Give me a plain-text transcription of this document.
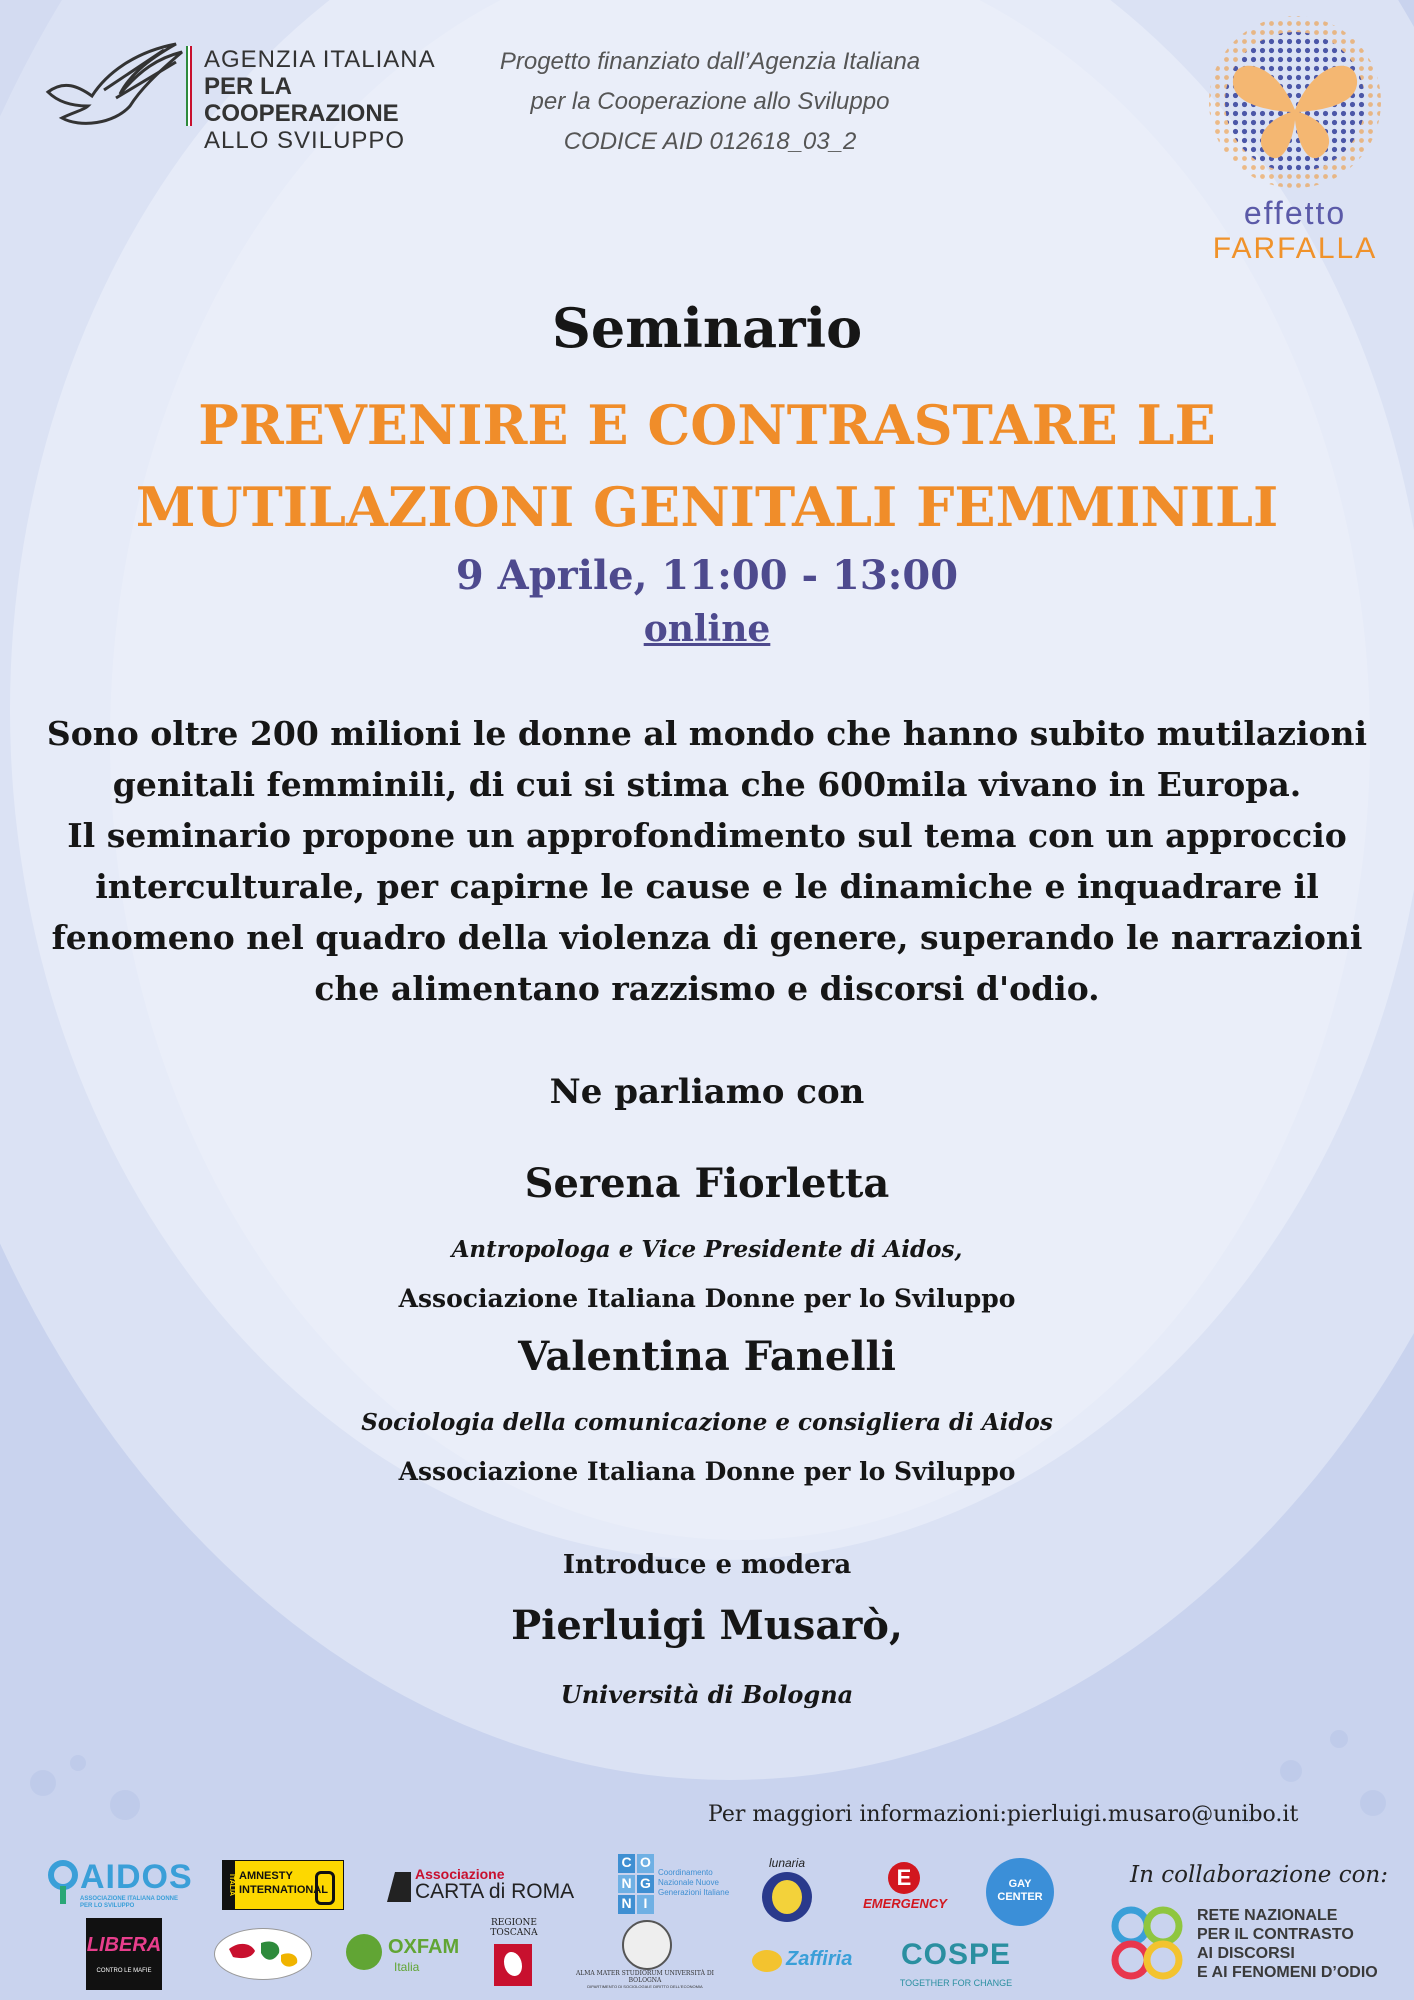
AGENZIA ITALIANA
PER LA COOPERAZIONE
ALLO SVILUPPO
Progetto finanziato dall’Agenzia Italiana
per la Cooperazione allo Sviluppo
CODICE AID 012618_03_2
effetto
FARFALLA
Seminario
PREVENIRE E CONTRASTARE LE
MUTILAZIONI GENITALI FEMMINILI
9 Aprile, 11:00 - 13:00
online
Sono oltre 200 milioni le donne al mondo che hanno subito mutilazioni
genitali femminili, di cui si stima che 600mila vivano in Europa.
Il seminario propone un approfondimento sul tema con un approccio
interculturale, per capirne le cause e le dinamiche e inquadrare il
fenomeno nel quadro della violenza di genere, superando le narrazioni
che alimentano razzismo e discorsi d'odio.
Ne parliamo con
Serena Fiorletta
Antropologa e Vice Presidente di Aidos,
Associazione Italiana Donne per lo Sviluppo
Valentina Fanelli
Sociologia della comunicazione e consigliera di Aidos
Associazione Italiana Donne per lo Sviluppo
Introduce e modera
Pierluigi Musarò,
Università di Bologna
Per maggiori informazioni:pierluigi.musaro@unibo.it
AIDOS
ASSOCIAZIONE ITALIANA DONNE PER LO SVILUPPO
ITALIA AMNESTY INTERNATIONAL
Associazione
CARTA di ROMA
C O
N G
N I
Coordinamento Nazionale Nuove Generazioni Italiane
lunaria
E
EMERGENCY
GAY CENTER
In collaborazione con:
LIBERA
CONTRO LE MAFIE
OXFAM
Italia
REGIONE TOSCANA
ALMA MATER STUDIORUM UNIVERSITÀ DI BOLOGNA
DIPARTIMENTO DI SOCIOLOGIA E DIRITTO DELL'ECONOMIA
Zaffiria COSPE
TOGETHER FOR CHANGE
RETE NAZIONALE
PER IL CONTRASTO
AI DISCORSI
E AI FENOMENI D’ODIO
